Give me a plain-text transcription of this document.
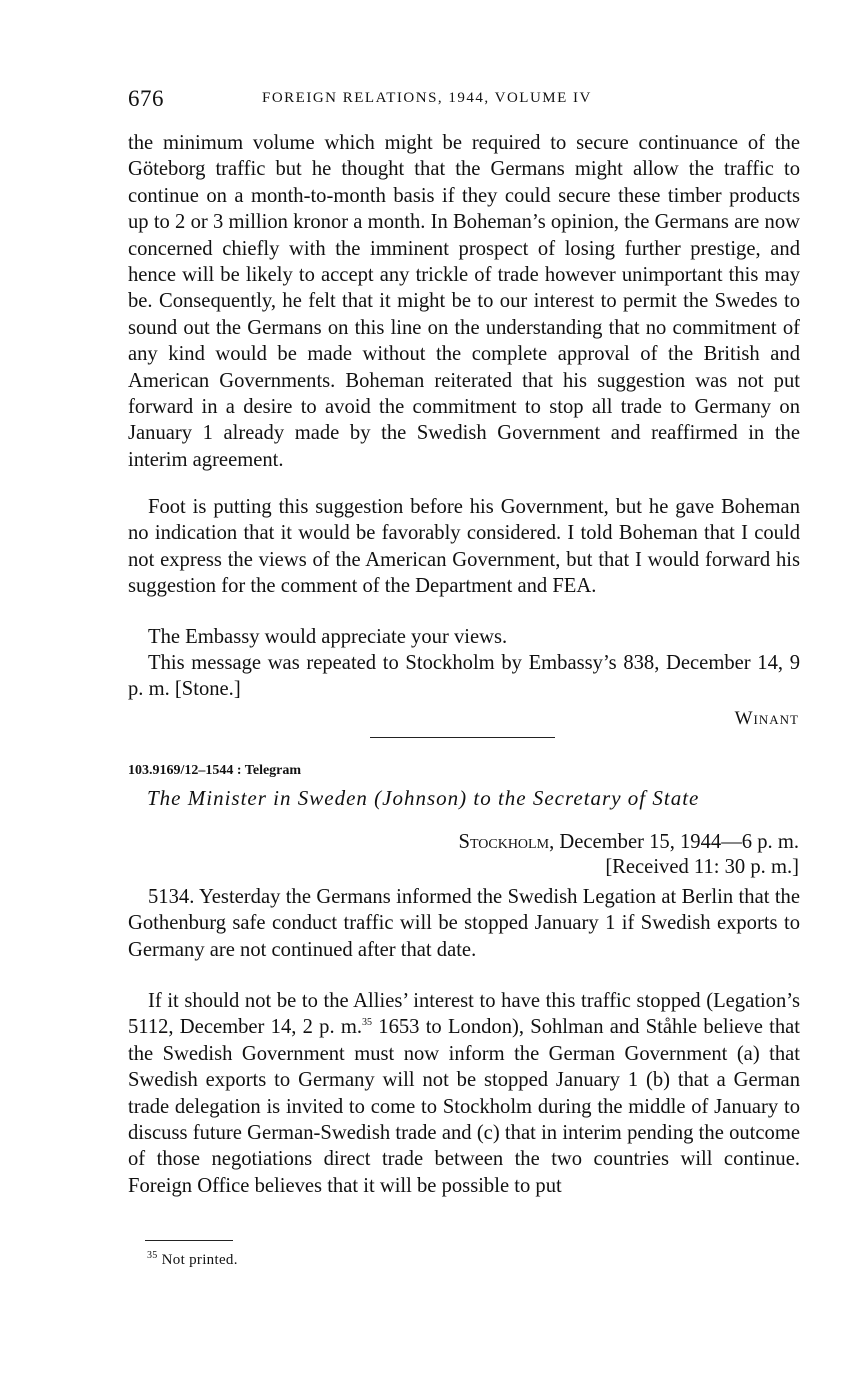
676	FOREIGN RELATIONS, 1944, VOLUME IV

the minimum volume which might be required to secure continuance of the Göteborg traffic but he thought that the Germans might allow the traffic to continue on a month-to-month basis if they could secure these timber products up to 2 or 3 million kronor a month. In Boheman’s opinion, the Germans are now concerned chiefly with the imminent prospect of losing further prestige, and hence will be likely to accept any trickle of trade however unimportant this may be. Consequently, he felt that it might be to our interest to permit the Swedes to sound out the Germans on this line on the understanding that no commitment of any kind would be made without the complete approval of the British and American Governments. Boheman reiterated that his suggestion was not put forward in a desire to avoid the commitment to stop all trade to Germany on January 1 already made by the Swedish Government and reaffirmed in the interim agreement.

Foot is putting this suggestion before his Government, but he gave Boheman no indication that it would be favorably considered. I told Boheman that I could not express the views of the American Government, but that I would forward his suggestion for the comment of the Department and FEA.

The Embassy would appreciate your views.

This message was repeated to Stockholm by Embassy’s 838, December 14, 9 p. m. [Stone.]

Winant
103.9169/12–1544 : Telegram
The Minister in Sweden (Johnson) to the Secretary of State
Stockholm, December 15, 1944—6 p. m.
[Received 11: 30 p. m.]

5134. Yesterday the Germans informed the Swedish Legation at Berlin that the Gothenburg safe conduct traffic will be stopped January 1 if Swedish exports to Germany are not continued after that date.

If it should not be to the Allies’ interest to have this traffic stopped (Legation’s 5112, December 14, 2 p. m.$^{35}$ 1653 to London), Sohlman and Ståhle believe that the Swedish Government must now inform the German Government (a) that Swedish exports to Germany will not be stopped January 1 (b) that a German trade delegation is invited to come to Stockholm during the middle of January to discuss future German-Swedish trade and (c) that in interim pending the outcome of those negotiations direct trade between the two countries will continue. Foreign Office believes that it will be possible to put

$^{35}$ Not printed.
